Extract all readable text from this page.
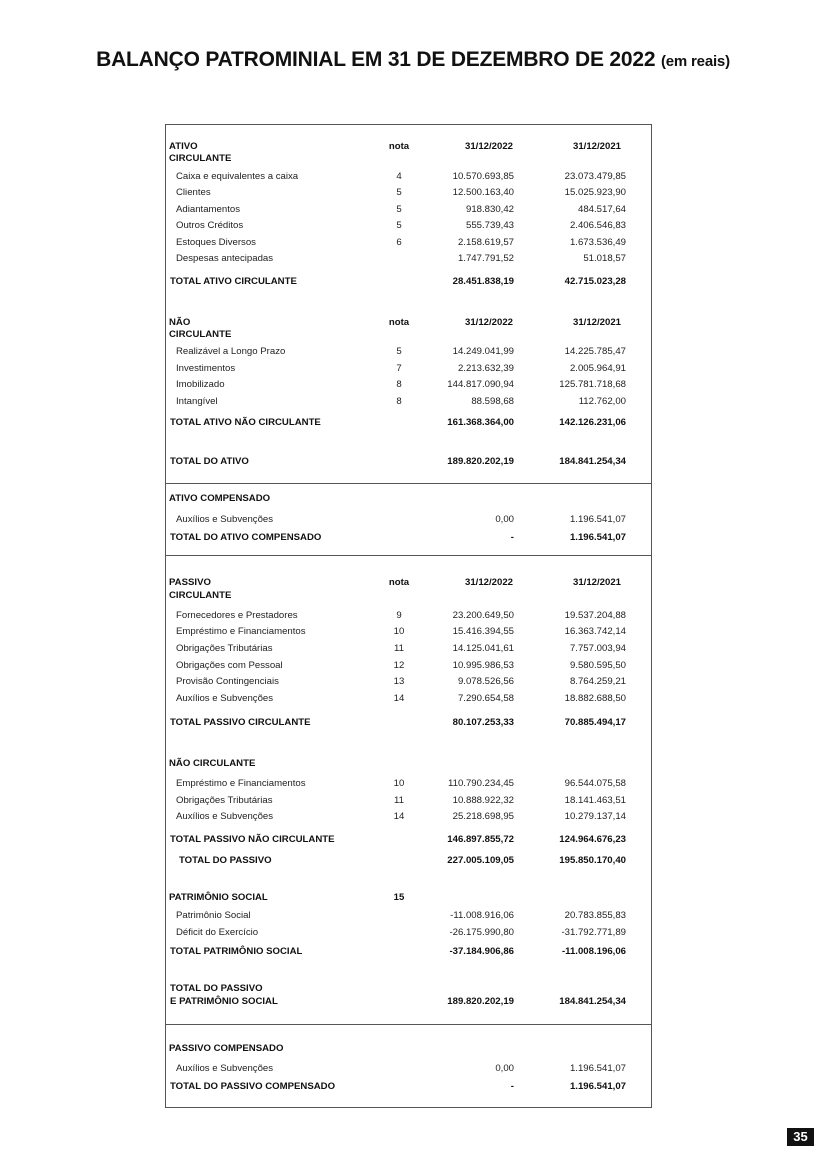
BALANÇO PATROMINIAL EM 31 DE DEZEMBRO DE 2022 (em reais)
ATIVO	nota	31/12/2022	31/12/2021
CIRCULANTE
Caixa e equivalentes a caixa	4	10.570.693,85	23.073.479,85
Clientes	5	12.500.163,40	15.025.923,90
Adiantamentos	5	918.830,42	484.517,64
Outros Créditos	5	555.739,43	2.406.546,83
Estoques Diversos	6	2.158.619,57	1.673.536,49
Despesas antecipadas	1.747.791,52	51.018,57
TOTAL ATIVO CIRCULANTE	28.451.838,19	42.715.023,28
NÃO	nota	31/12/2022	31/12/2021
CIRCULANTE
Realizável a Longo Prazo	5	14.249.041,99	14.225.785,47
Investimentos	7	2.213.632,39	2.005.964,91
Imobilizado	8	144.817.090,94	125.781.718,68
Intangível	8	88.598,68	112.762,00
TOTAL ATIVO NÃO CIRCULANTE	161.368.364,00	142.126.231,06
TOTAL DO ATIVO	189.820.202,19	184.841.254,34
ATIVO COMPENSADO
Auxílios e Subvenções	0,00	1.196.541,07
TOTAL DO ATIVO COMPENSADO	-	1.196.541,07
PASSIVO	nota	31/12/2022	31/12/2021
CIRCULANTE
Fornecedores e Prestadores	9	23.200.649,50	19.537.204,88
Empréstimo e Financiamentos	10	15.416.394,55	16.363.742,14
Obrigações Tributárias	11	14.125.041,61	7.757.003,94
Obrigações com Pessoal	12	10.995.986,53	9.580.595,50
Provisão Contingenciais	13	9.078.526,56	8.764.259,21
Auxílios e Subvenções	14	7.290.654,58	18.882.688,50
TOTAL PASSIVO CIRCULANTE	80.107.253,33	70.885.494,17
NÃO CIRCULANTE
Empréstimo e Financiamentos	10	110.790.234,45	96.544.075,58
Obrigações Tributárias	11	10.888.922,32	18.141.463,51
Auxílios e Subvenções	14	25.218.698,95	10.279.137,14
TOTAL PASSIVO NÃO CIRCULANTE	146.897.855,72	124.964.676,23
TOTAL DO PASSIVO	227.005.109,05	195.850.170,40
PATRIMÔNIO SOCIAL	15
Patrimônio Social	-11.008.916,06	20.783.855,83
Déficit do Exercício	-26.175.990,80	-31.792.771,89
TOTAL PATRIMÔNIO SOCIAL	-37.184.906,86	-11.008.196,06
TOTAL DO PASSIVO
E PATRIMÔNIO SOCIAL	189.820.202,19	184.841.254,34
PASSIVO COMPENSADO
Auxílios e Subvenções	0,00	1.196.541,07
TOTAL DO PASSIVO COMPENSADO	-	1.196.541,07
35
